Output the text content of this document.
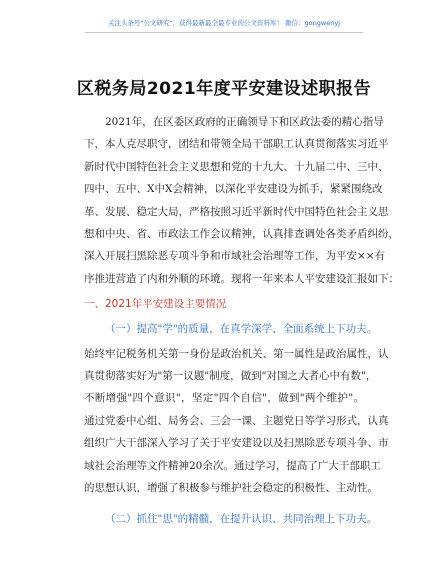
关注头条号"公文研究"，获得最新最全最专业的公文资料库！ 微信：gongwenyj
区税务局2021年度平安建设述职报告

2021年，在区委区政府的正确领导下和区政法委的精心指导

下，本人克尽职守，团结和带领全局干部职工认真贯彻落实习近平

新时代中国特色社会主义思想和党的十九大、十九届二中、三中、

四中、五中、X中X会精神，以深化平安建设为抓手，紧紧围绕改

革、发展、稳定大局，严格按照习近平新时代中国特色社会主义思

想和中央、省、市政法工作会议精神，认真排查调处各类矛盾纠纷，

深入开展扫黑除恶专项斗争和市域社会治理等工作，为平安××有

序推进营造了内和外顺的环境。现将一年来本人平安建设汇报如下：

一、2021年平安建设主要情况
（一）提高"学"的质量，在真学深学、全面系统上下功夫。

始终牢记税务机关第一身份是政治机关、第一属性是政治属性，认

真贯彻落实好为"第一议题"制度，做到"对国之大者心中有数"，

不断增强"四个意识"，坚定"四个自信"，做到"两个维护"。

通过党委中心组、局务会、三会一课、主题党日等学习形式，认真

组织广大干部深入学习了关于平安建设以及扫黑除恶专项斗争、市

域社会治理等文件精神20余次。通过学习，提高了广大干部职工

的思想认识，增强了积极参与维护社会稳定的积极性、主动性。

（二）抓住"思"的精髓，在提升认识、共同治理上下功夫。
